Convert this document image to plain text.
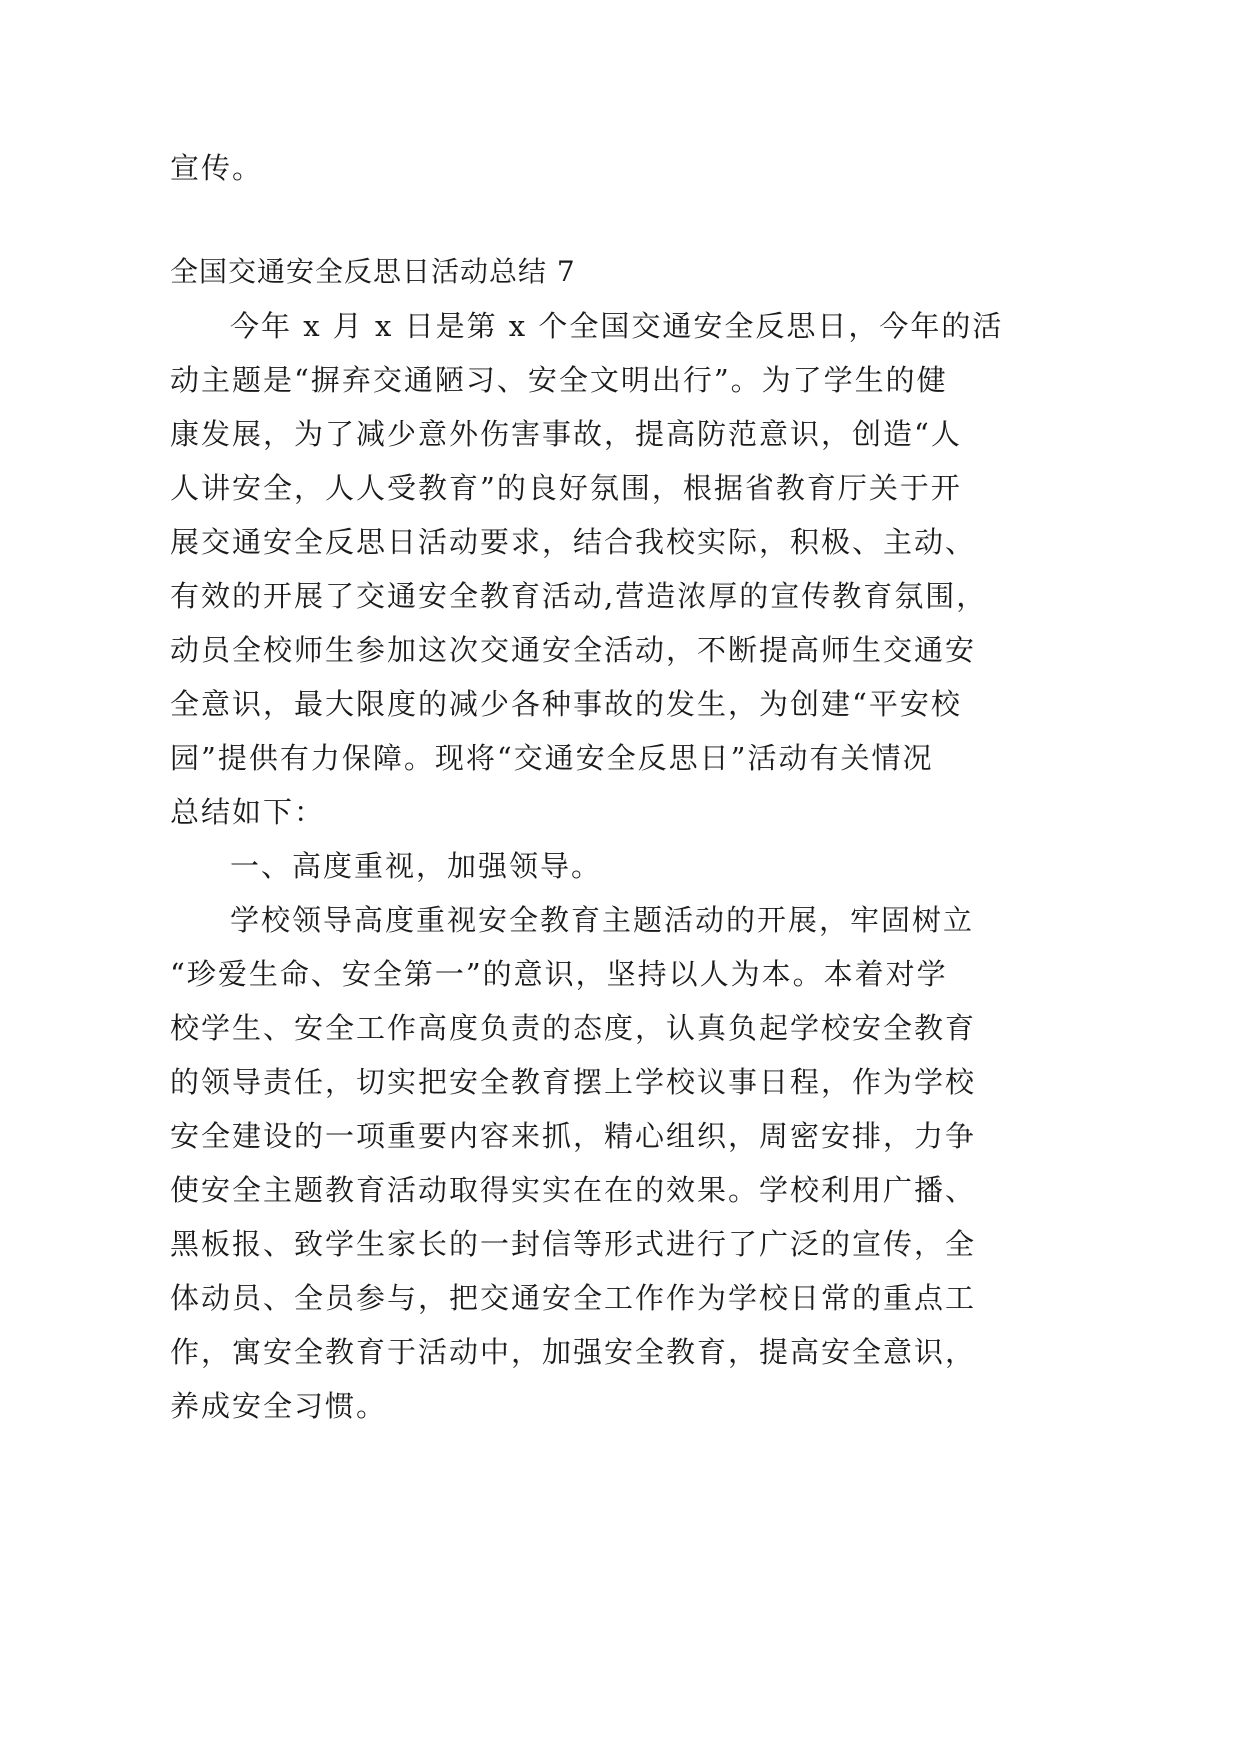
宣传。
全国交通安全反思日活动总结 7
今年 x 月 x 日是第 x 个全国交通安全反思日，今年的活
动主题是“摒弃交通陋习、安全文明出行”。为了学生的健
康发展，为了减少意外伤害事故，提高防范意识，创造“人
人讲安全，人人受教育”的良好氛围，根据省教育厅关于开
展交通安全反思日活动要求，结合我校实际，积极、主动、
有效的开展了交通安全教育活动,营造浓厚的宣传教育氛围，
动员全校师生参加这次交通安全活动，不断提高师生交通安
全意识，最大限度的减少各种事故的发生，为创建“平安校
园”提供有力保障。现将“交通安全反思日”活动有关情况
总结如下：
一、高度重视，加强领导。
学校领导高度重视安全教育主题活动的开展，牢固树立
“珍爱生命、安全第一”的意识，坚持以人为本。本着对学
校学生、安全工作高度负责的态度，认真负起学校安全教育
的领导责任，切实把安全教育摆上学校议事日程，作为学校
安全建设的一项重要内容来抓，精心组织，周密安排，力争
使安全主题教育活动取得实实在在的效果。学校利用广播、
黑板报、致学生家长的一封信等形式进行了广泛的宣传，全
体动员、全员参与，把交通安全工作作为学校日常的重点工
作，寓安全教育于活动中，加强安全教育，提高安全意识，
养成安全习惯。
